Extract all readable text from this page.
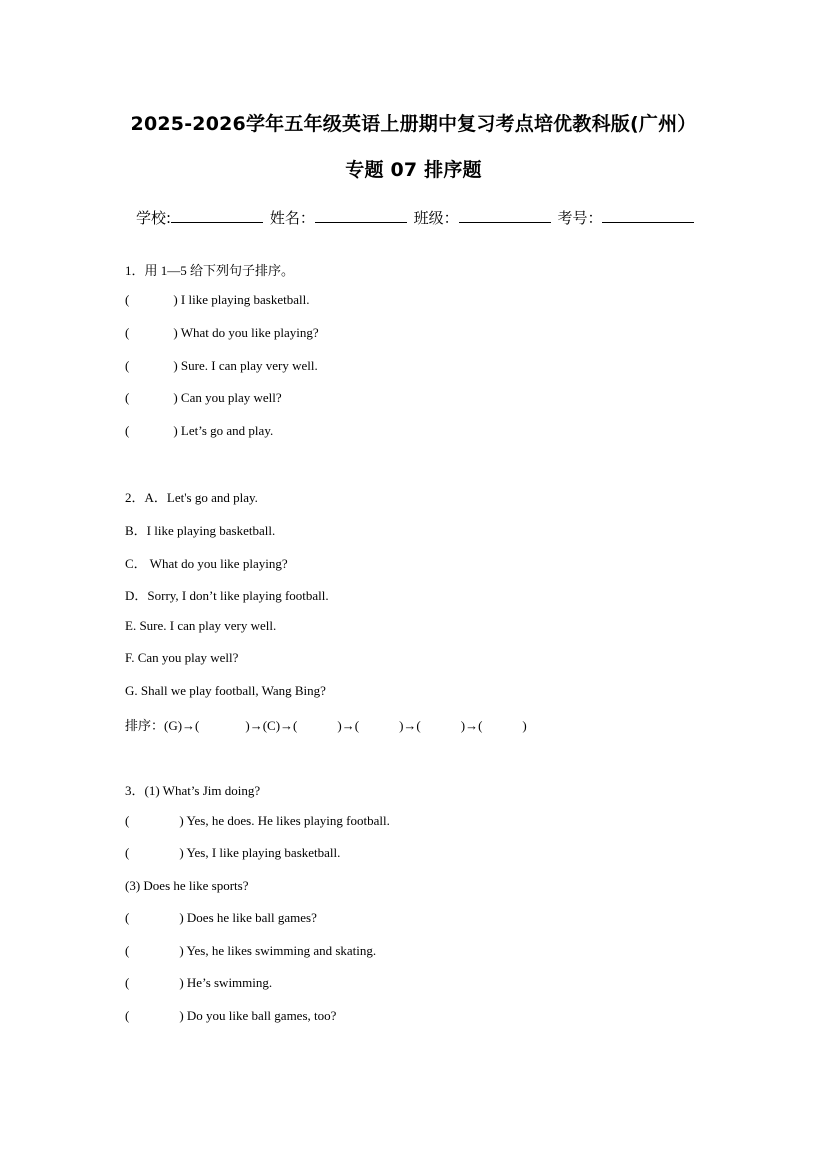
2025-2026学年五年级英语上册期中复习考点培优教科版(广州）
专题 07 排序题
学校:	姓名：	班级：	考号：
1．用 1—5 给下列句子排序。
(	) I like playing basketball.
(	) What do you like playing?
(	) Sure. I can play very well.
(	) Can you play well?
(	) Let’s go and play.
2．A．Let's go and play.
B．I like playing basketball.
C． What do you like playing?
D．Sorry, I don’t like playing football.
E. Sure. I can play very well.
F. Can you play well?
G. Shall we play football, Wang Bing?
排序：(G)→(	)→(C)→(	)→(	)→(	)→(	)
3．(1) What’s Jim doing?
(	) Yes, he does. He likes playing football.
(	) Yes, I like playing basketball.
(3) Does he like sports?
(	) Does he like ball games?
(	) Yes, he likes swimming and skating.
(	) He’s swimming.
(	) Do you like ball games, too?
